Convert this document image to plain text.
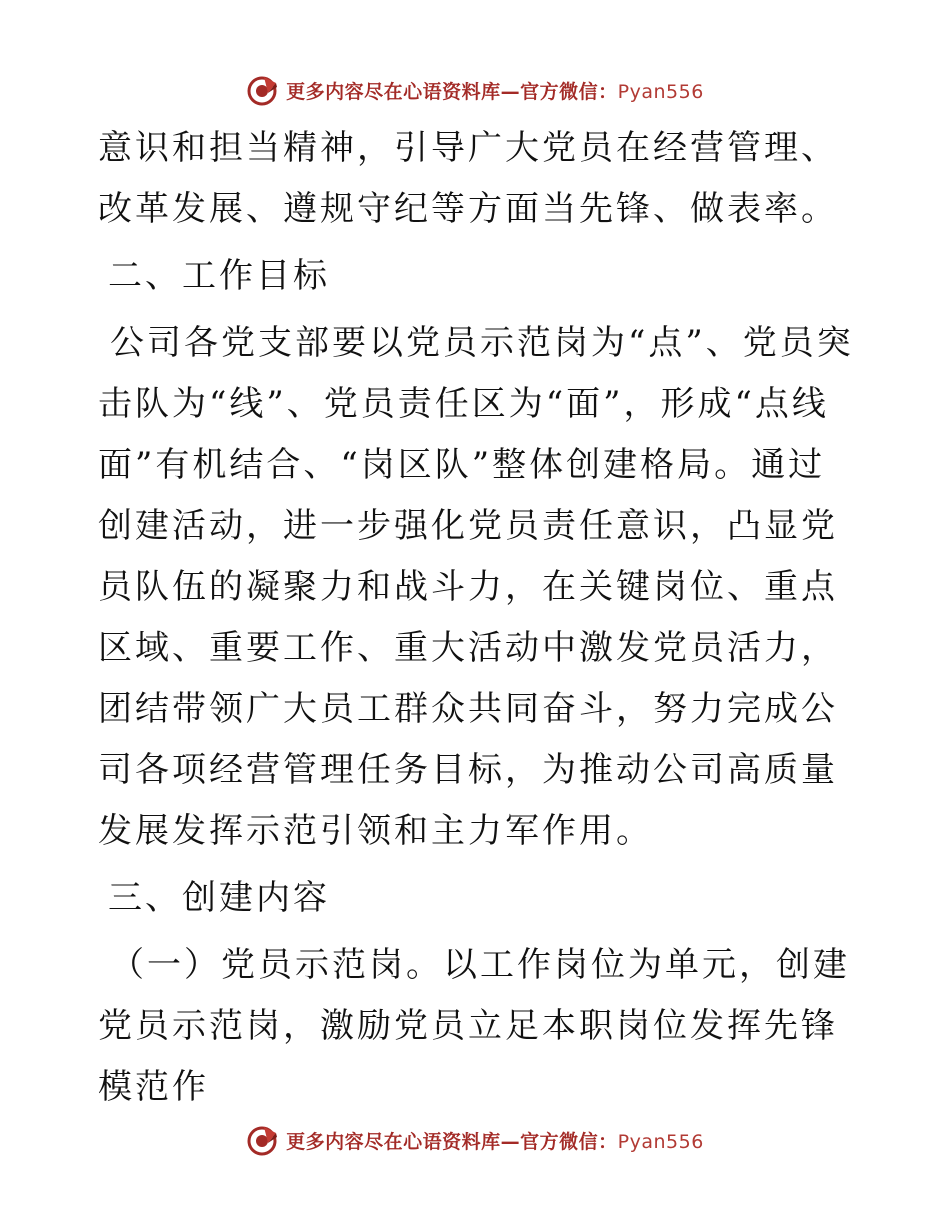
更多内容尽在心语资料库—官方微信：Pyan556

意识和担当精神，引导广大党员在经营管理、改革发展、遵规守纪等方面当先锋、做表率。

二、工作目标

公司各党支部要以党员示范岗为“点”、党员突击队为“线”、党员责任区为“面”，形成“点线面”有机结合、“岗区队”整体创建格局。通过创建活动，进一步强化党员责任意识，凸显党员队伍的凝聚力和战斗力，在关键岗位、重点区域、重要工作、重大活动中激发党员活力，团结带领广大员工群众共同奋斗，努力完成公司各项经营管理任务目标，为推动公司高质量发展发挥示范引领和主力军作用。

三、创建内容

（一）党员示范岗。以工作岗位为单元，创建党员示范岗，激励党员立足本职岗位发挥先锋模范作

更多内容尽在心语资料库—官方微信：Pyan556
